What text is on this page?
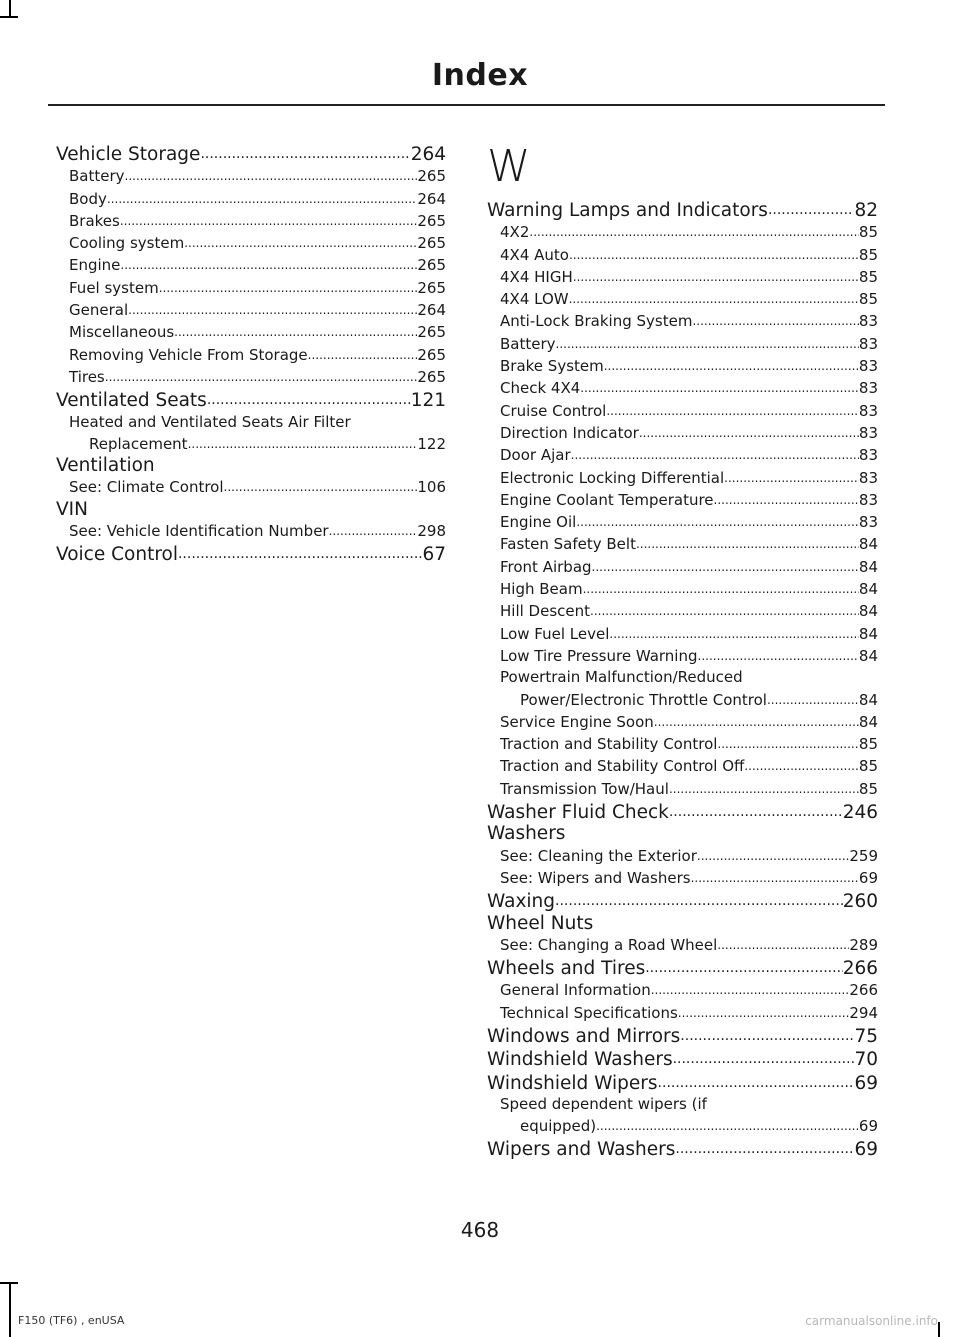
Index
Vehicle Storage .....	264
Battery .....	265
Body .....	264
Brakes .....	265
Cooling system .....	265
Engine .....	265
Fuel system .....	265
General .....	264
Miscellaneous .....	265
Removing Vehicle From Storage .....	265
Tires .....	265
Ventilated Seats .....	121
Heated and Ventilated Seats Air Filter
Replacement .....	122
Ventilation
See: Climate Control .....	106
VIN
See: Vehicle Identification Number .....	298
Voice Control .....	67
W
Warning Lamps and Indicators .....	82
4X2 .....	85
4X4 Auto .....	85
4X4 HIGH .....	85
4X4 LOW .....	85
Anti-Lock Braking System .....	83
Battery .....	83
Brake System .....	83
Check 4X4 .....	83
Cruise Control .....	83
Direction Indicator .....	83
Door Ajar .....	83
Electronic Locking Differential .....	83
Engine Coolant Temperature .....	83
Engine Oil .....	83
Fasten Safety Belt .....	84
Front Airbag .....	84
High Beam .....	84
Hill Descent .....	84
Low Fuel Level .....	84
Low Tire Pressure Warning .....	84
Powertrain Malfunction/Reduced
Power/Electronic Throttle Control .....	84
Service Engine Soon .....	84
Traction and Stability Control .....	85
Traction and Stability Control Off .....	85
Transmission Tow/Haul .....	85
Washer Fluid Check .....	246
Washers
See: Cleaning the Exterior .....	259
See: Wipers and Washers .....	69
Waxing .....	260
Wheel Nuts
See: Changing a Road Wheel .....	289
Wheels and Tires .....	266
General Information .....	266
Technical Specifications .....	294
Windows and Mirrors .....	75
Windshield Washers .....	70
Windshield Wipers .....	69
Speed dependent wipers (if
equipped) .....	69
Wipers and Washers .....	69
468
F150 (TF6) , enUSA	carmanualsonline.info
